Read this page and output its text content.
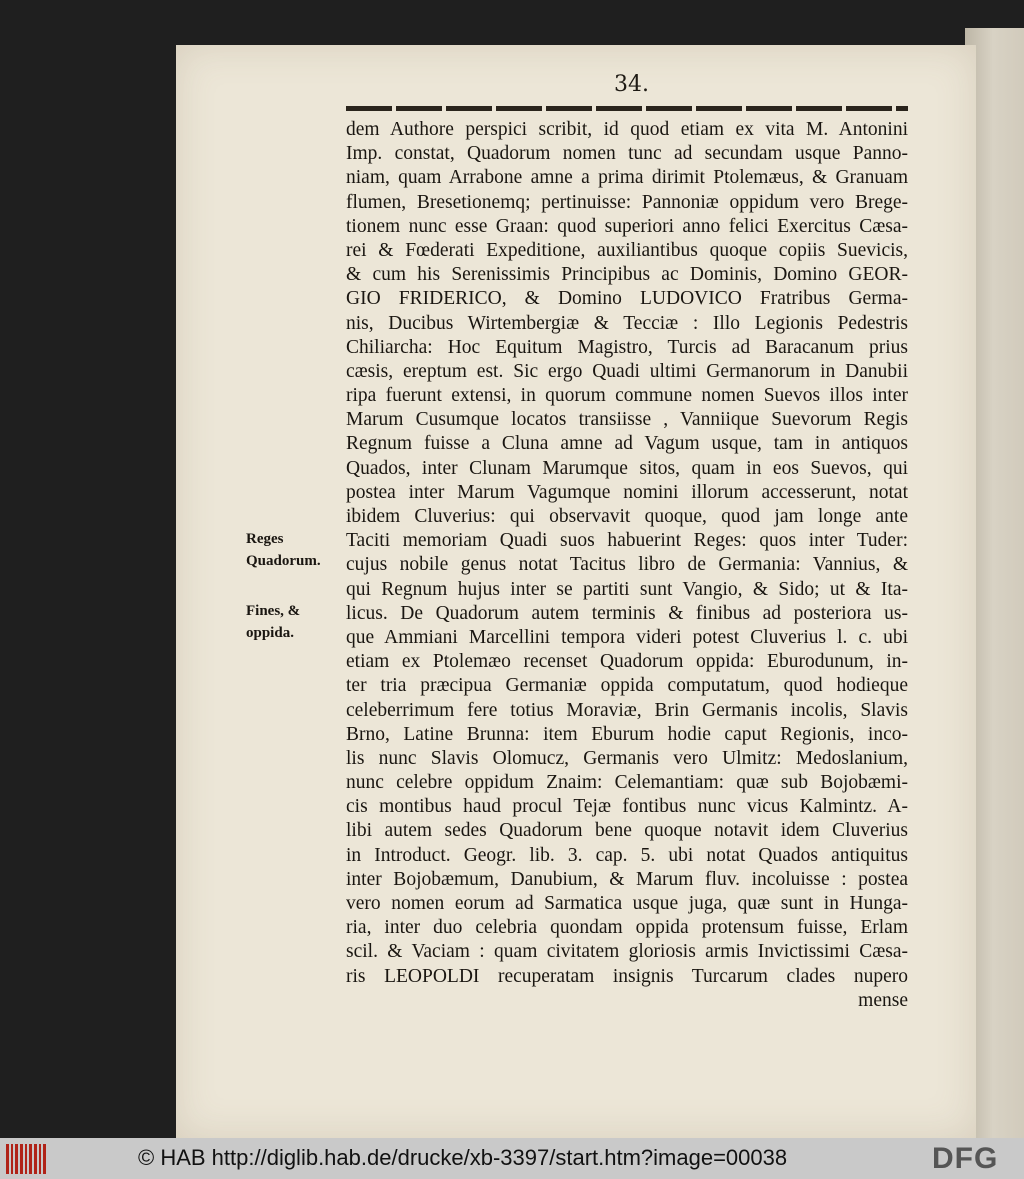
34.
Reges Quadorum.
Fines, & oppida.
dem Authore perspici scribit, id quod etiam ex vita M. Antonini
Imp. constat, Quadorum nomen tunc ad secundam usque Panno-
niam, quam Arrabone amne a prima dirimit Ptolemæus, & Granuam
flumen, Bresetionemq; pertinuisse: Pannoniæ oppidum vero Brege-
tionem nunc esse Graan: quod superiori anno felici Exercitus Cæsa-
rei & Fœderati Expeditione, auxiliantibus quoque copiis Suevicis,
& cum his Serenissimis Principibus ac Dominis, Domino GEOR-
GIO FRIDERICO, & Domino LUDOVICO Fratribus Germa-
nis, Ducibus Wirtembergiæ & Tecciæ : Illo Legionis Pedestris
Chiliarcha: Hoc Equitum Magistro, Turcis ad Baracanum prius
cæsis, ereptum est. Sic ergo Quadi ultimi Germanorum in Danubii
ripa fuerunt extensi, in quorum commune nomen Suevos illos inter
Marum Cusumque locatos transiisse , Vanniique Suevorum Regis
Regnum fuisse a Cluna amne ad Vagum usque, tam in antiquos
Quados, inter Clunam Marumque sitos, quam in eos Suevos, qui
postea inter Marum Vagumque nomini illorum accesserunt, notat
ibidem Cluverius: qui observavit quoque, quod jam longe ante
Taciti memoriam Quadi suos habuerint Reges: quos inter Tuder:
cujus nobile genus notat Tacitus libro de Germania: Vannius, &
qui Regnum hujus inter se partiti sunt Vangio, & Sido; ut & Ita-
licus. De Quadorum autem terminis & finibus ad posteriora us-
que Ammiani Marcellini tempora videri potest Cluverius l. c. ubi
etiam ex Ptolemæo recenset Quadorum oppida: Eburodunum, in-
ter tria præcipua Germaniæ oppida computatum, quod hodieque
celeberrimum fere totius Moraviæ, Brin Germanis incolis, Slavis
Brno, Latine Brunna: item Eburum hodie caput Regionis, inco-
lis nunc Slavis Olomucz, Germanis vero Ulmitz: Medoslanium,
nunc celebre oppidum Znaim: Celemantiam: quæ sub Bojobæmi-
cis montibus haud procul Tejæ fontibus nunc vicus Kalmintz. A-
libi autem sedes Quadorum bene quoque notavit idem Cluverius
in Introduct. Geogr. lib. 3. cap. 5. ubi notat Quados antiquitus
inter Bojobæmum, Danubium, & Marum fluv. incoluisse : postea
vero nomen eorum ad Sarmatica usque juga, quæ sunt in Hunga-
ria, inter duo celebria quondam oppida protensum fuisse, Erlam
scil. & Vaciam : quam civitatem gloriosis armis Invictissimi Cæsa-
ris LEOPOLDI recuperatam insignis Turcarum clades nupero
mense
© HAB http://diglib.hab.de/drucke/xb-3397/start.htm?image=00038	DFG
